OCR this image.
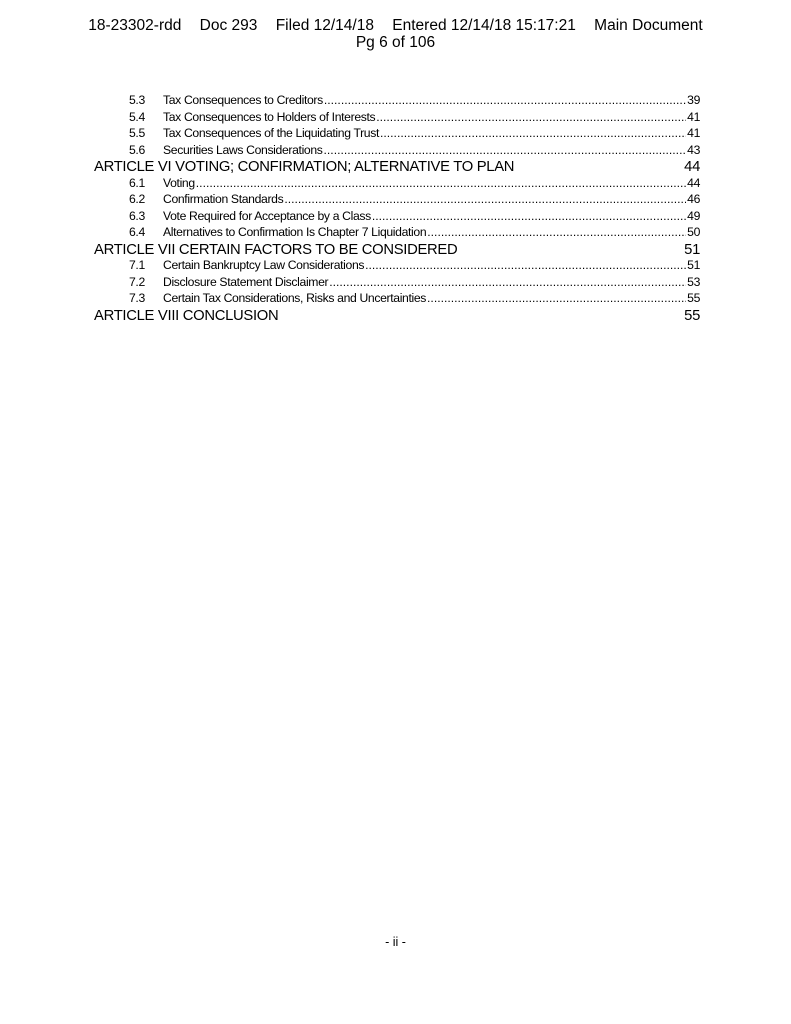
18-23302-rdd Doc 293 Filed 12/14/18 Entered 12/14/18 15:17:21 Main Document
Pg 6 of 106
5.3	Tax Consequences to Creditors .....	39
5.4	Tax Consequences to Holders of Interests .....	41
5.5	Tax Consequences of the Liquidating Trust .....	41
5.6	Securities Laws Considerations .....	43
ARTICLE VI VOTING; CONFIRMATION; ALTERNATIVE TO PLAN	44
6.1	Voting .....	44
6.2	Confirmation Standards .....	46
6.3	Vote Required for Acceptance by a Class .....	49
6.4	Alternatives to Confirmation Is Chapter 7 Liquidation .....	50
ARTICLE VII CERTAIN FACTORS TO BE CONSIDERED	51
7.1	Certain Bankruptcy Law Considerations .....	51
7.2	Disclosure Statement Disclaimer .....	53
7.3	Certain Tax Considerations, Risks and Uncertainties .....	55
ARTICLE VIII CONCLUSION	55
- ii -
